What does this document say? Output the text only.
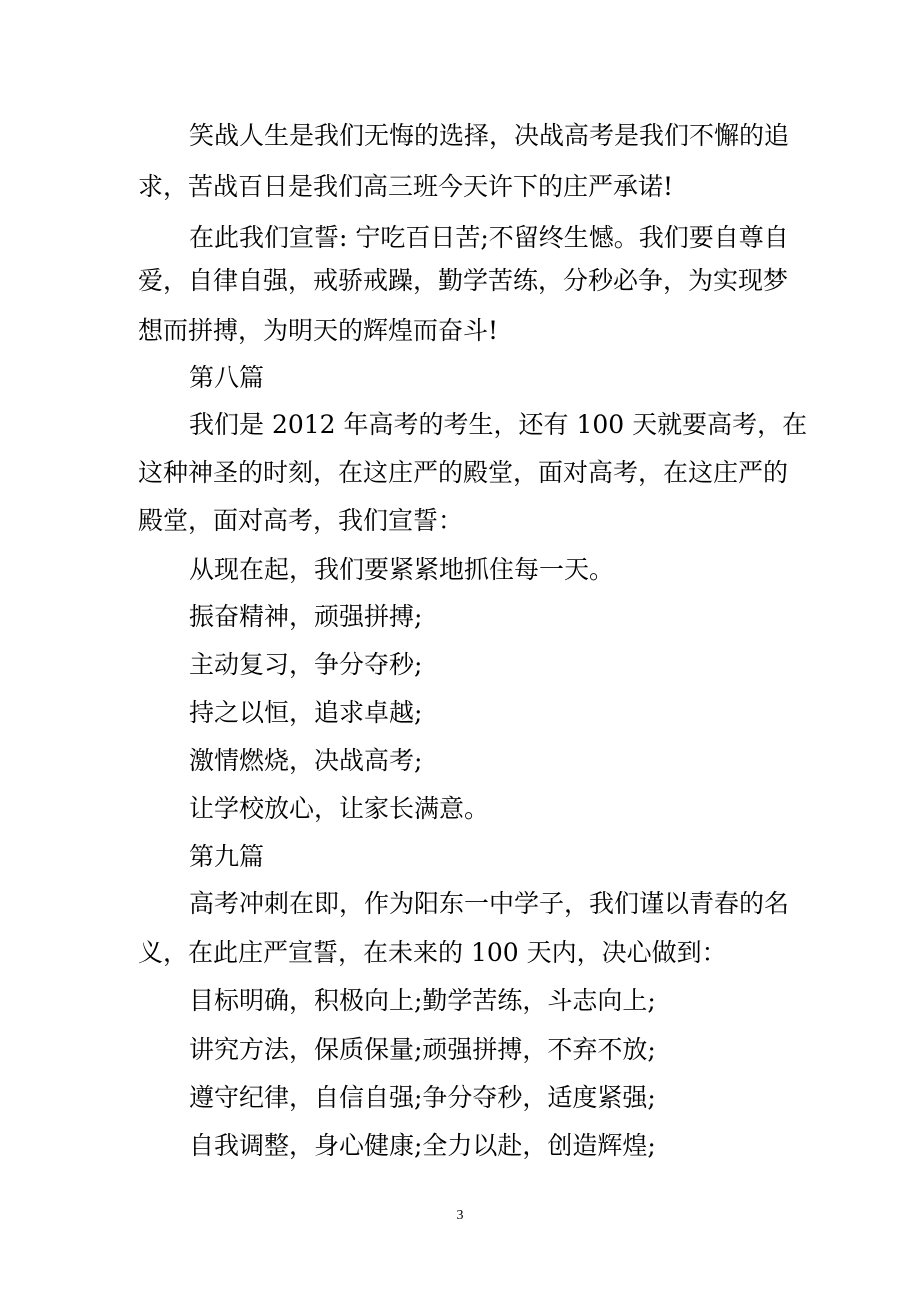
笑战人生是我们无悔的选择，决战高考是我们不懈的追
求，苦战百日是我们高三班今天许下的庄严承诺!
在此我们宣誓: 宁吃百日苦;不留终生憾。我们要自尊自
爱，自律自强，戒骄戒躁，勤学苦练，分秒必争，为实现梦
想而拼搏，为明天的辉煌而奋斗!
第八篇
我们是 2012 年高考的考生，还有 100 天就要高考，在
这种神圣的时刻，在这庄严的殿堂，面对高考，在这庄严的
殿堂，面对高考，我们宣誓：
从现在起，我们要紧紧地抓住每一天。
振奋精神，顽强拼搏;
主动复习，争分夺秒;
持之以恒，追求卓越;
激情燃烧，决战高考;
让学校放心，让家长满意。
第九篇
高考冲刺在即，作为阳东一中学子，我们谨以青春的名
义，在此庄严宣誓，在未来的 100 天内，决心做到：
目标明确，积极向上;勤学苦练，斗志向上;
讲究方法，保质保量;顽强拼搏，不弃不放;
遵守纪律，自信自强;争分夺秒，适度紧强;
自我调整，身心健康;全力以赴，创造辉煌;
3
